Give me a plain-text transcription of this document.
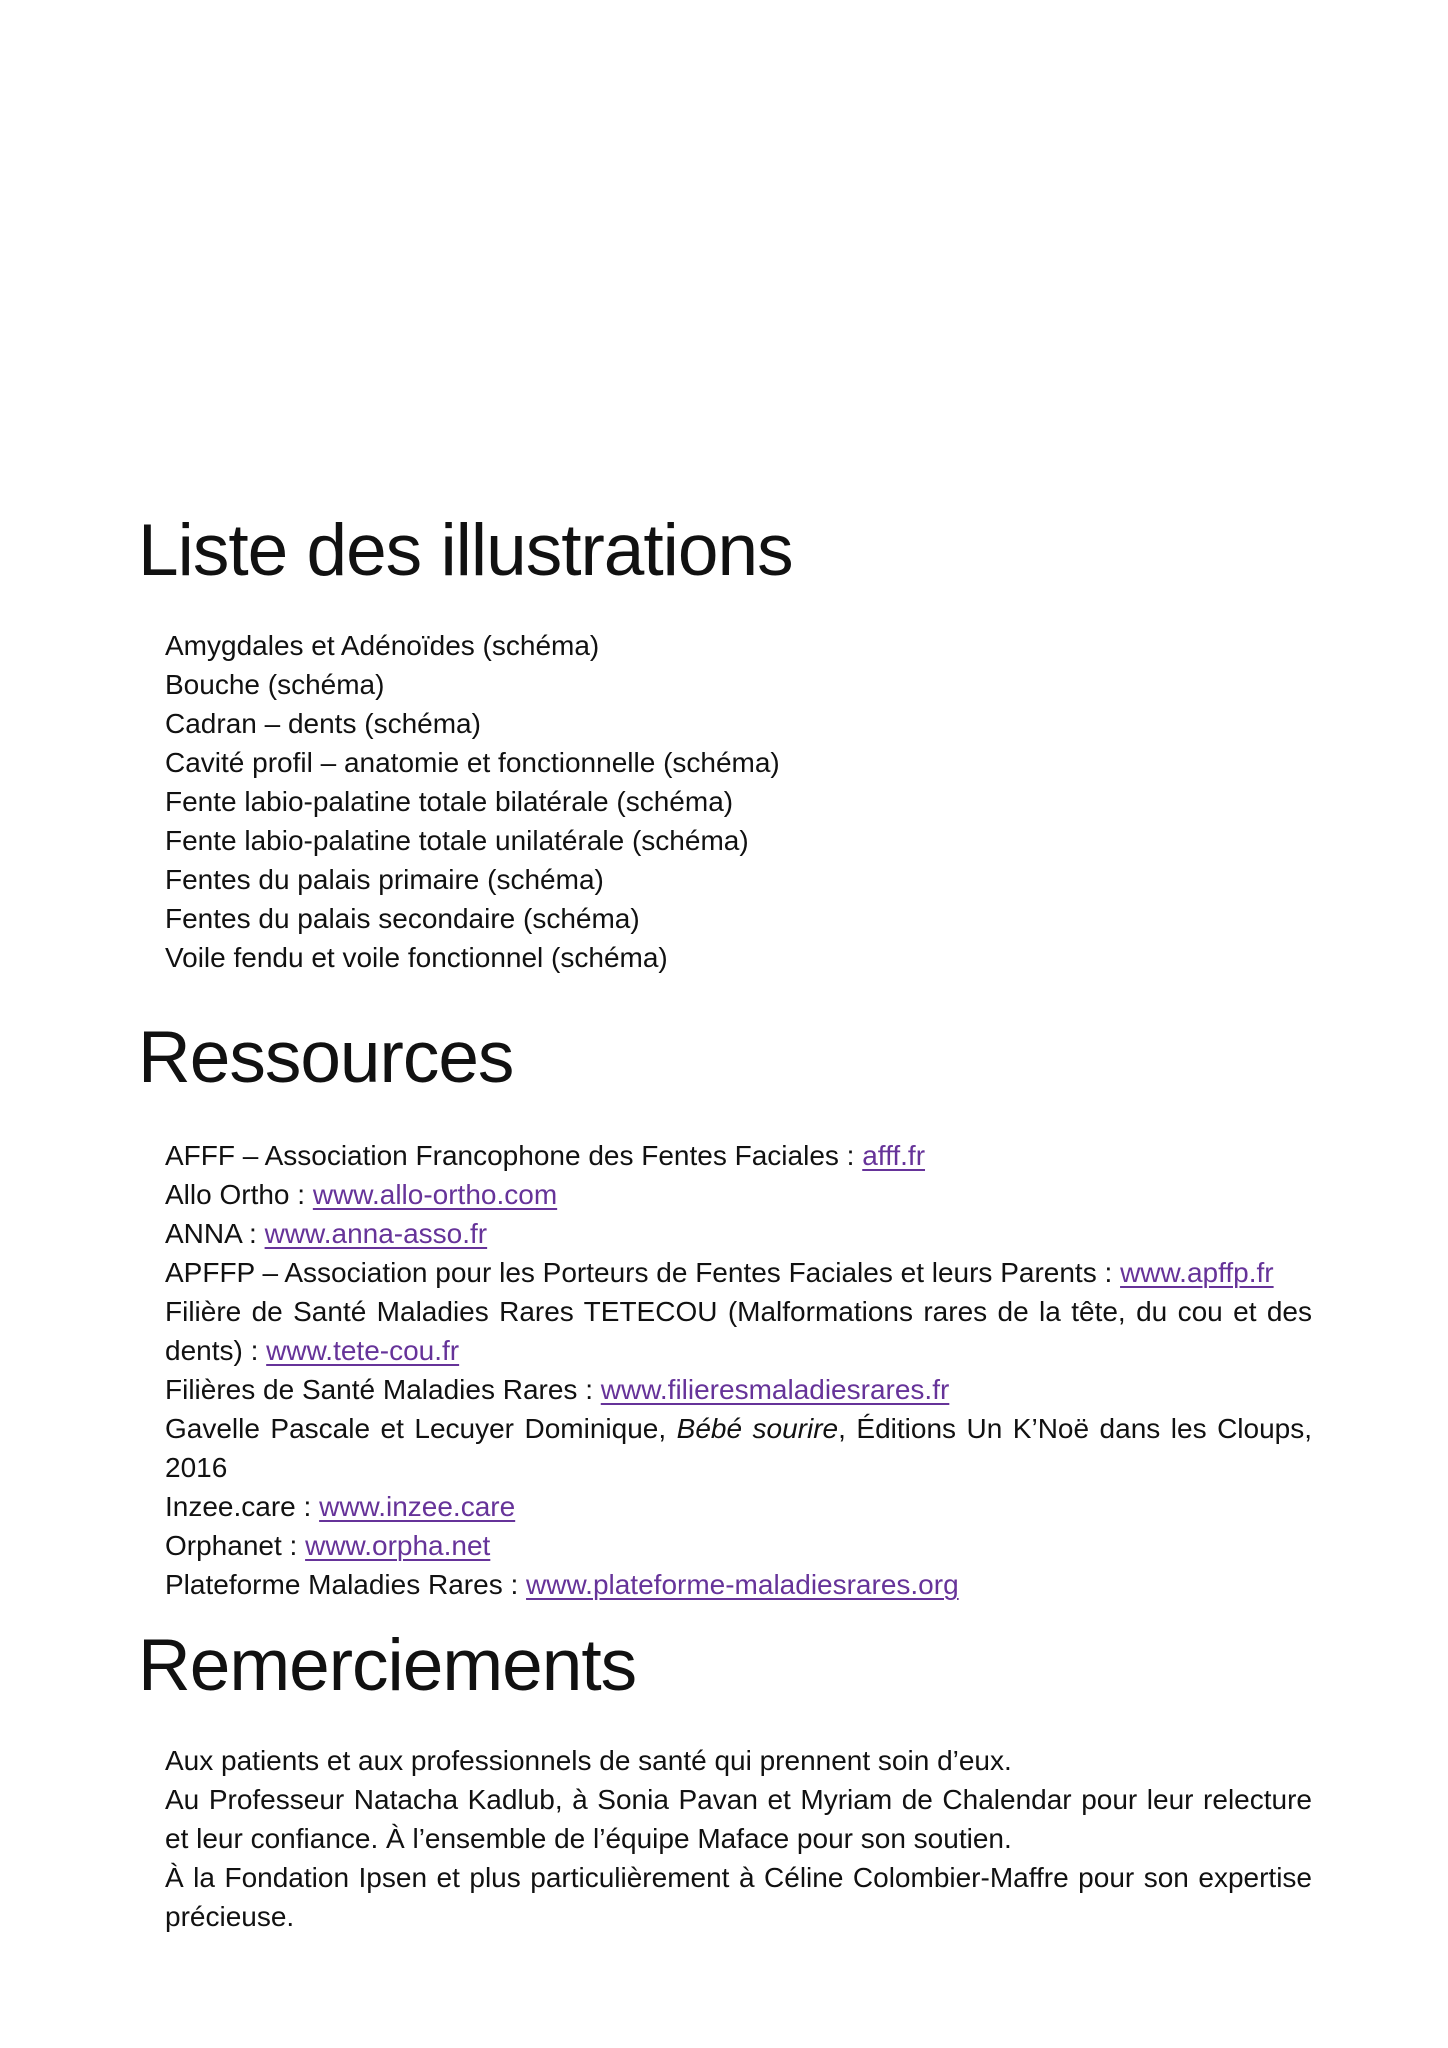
Liste des illustrations

Amygdales et Adénoïdes (schéma)

Bouche (schéma)

Cadran – dents (schéma)

Cavité profil – anatomie et fonctionnelle (schéma)

Fente labio-palatine totale bilatérale (schéma)

Fente labio-palatine totale unilatérale (schéma)

Fentes du palais primaire (schéma)

Fentes du palais secondaire (schéma)

Voile fendu et voile fonctionnel (schéma)

Ressources

AFFF – Association Francophone des Fentes Faciales : afff.fr

Allo Ortho : www.allo-ortho.com

ANNA : www.anna-asso.fr

APFFP – Association pour les Porteurs de Fentes Faciales et leurs Parents : www.apffp.fr

Filière de Santé Maladies Rares TETECOU (Malformations rares de la tête, du cou et des dents) : www.tete-cou.fr

Filières de Santé Maladies Rares : www.filieresmaladiesrares.fr

Gavelle Pascale et Lecuyer Dominique, Bébé sourire, Éditions Un K’Noë dans les Cloups, 2016

Inzee.care : www.inzee.care

Orphanet : www.orpha.net

Plateforme Maladies Rares : www.plateforme-maladiesrares.org

Remerciements

Aux patients et aux professionnels de santé qui prennent soin d’eux.

Au Professeur Natacha Kadlub, à Sonia Pavan et Myriam de Chalendar pour leur relecture et leur confiance. À l’ensemble de l’équipe Maface pour son soutien.

À la Fondation Ipsen et plus particulièrement à Céline Colombier-Maffre pour son expertise précieuse.
